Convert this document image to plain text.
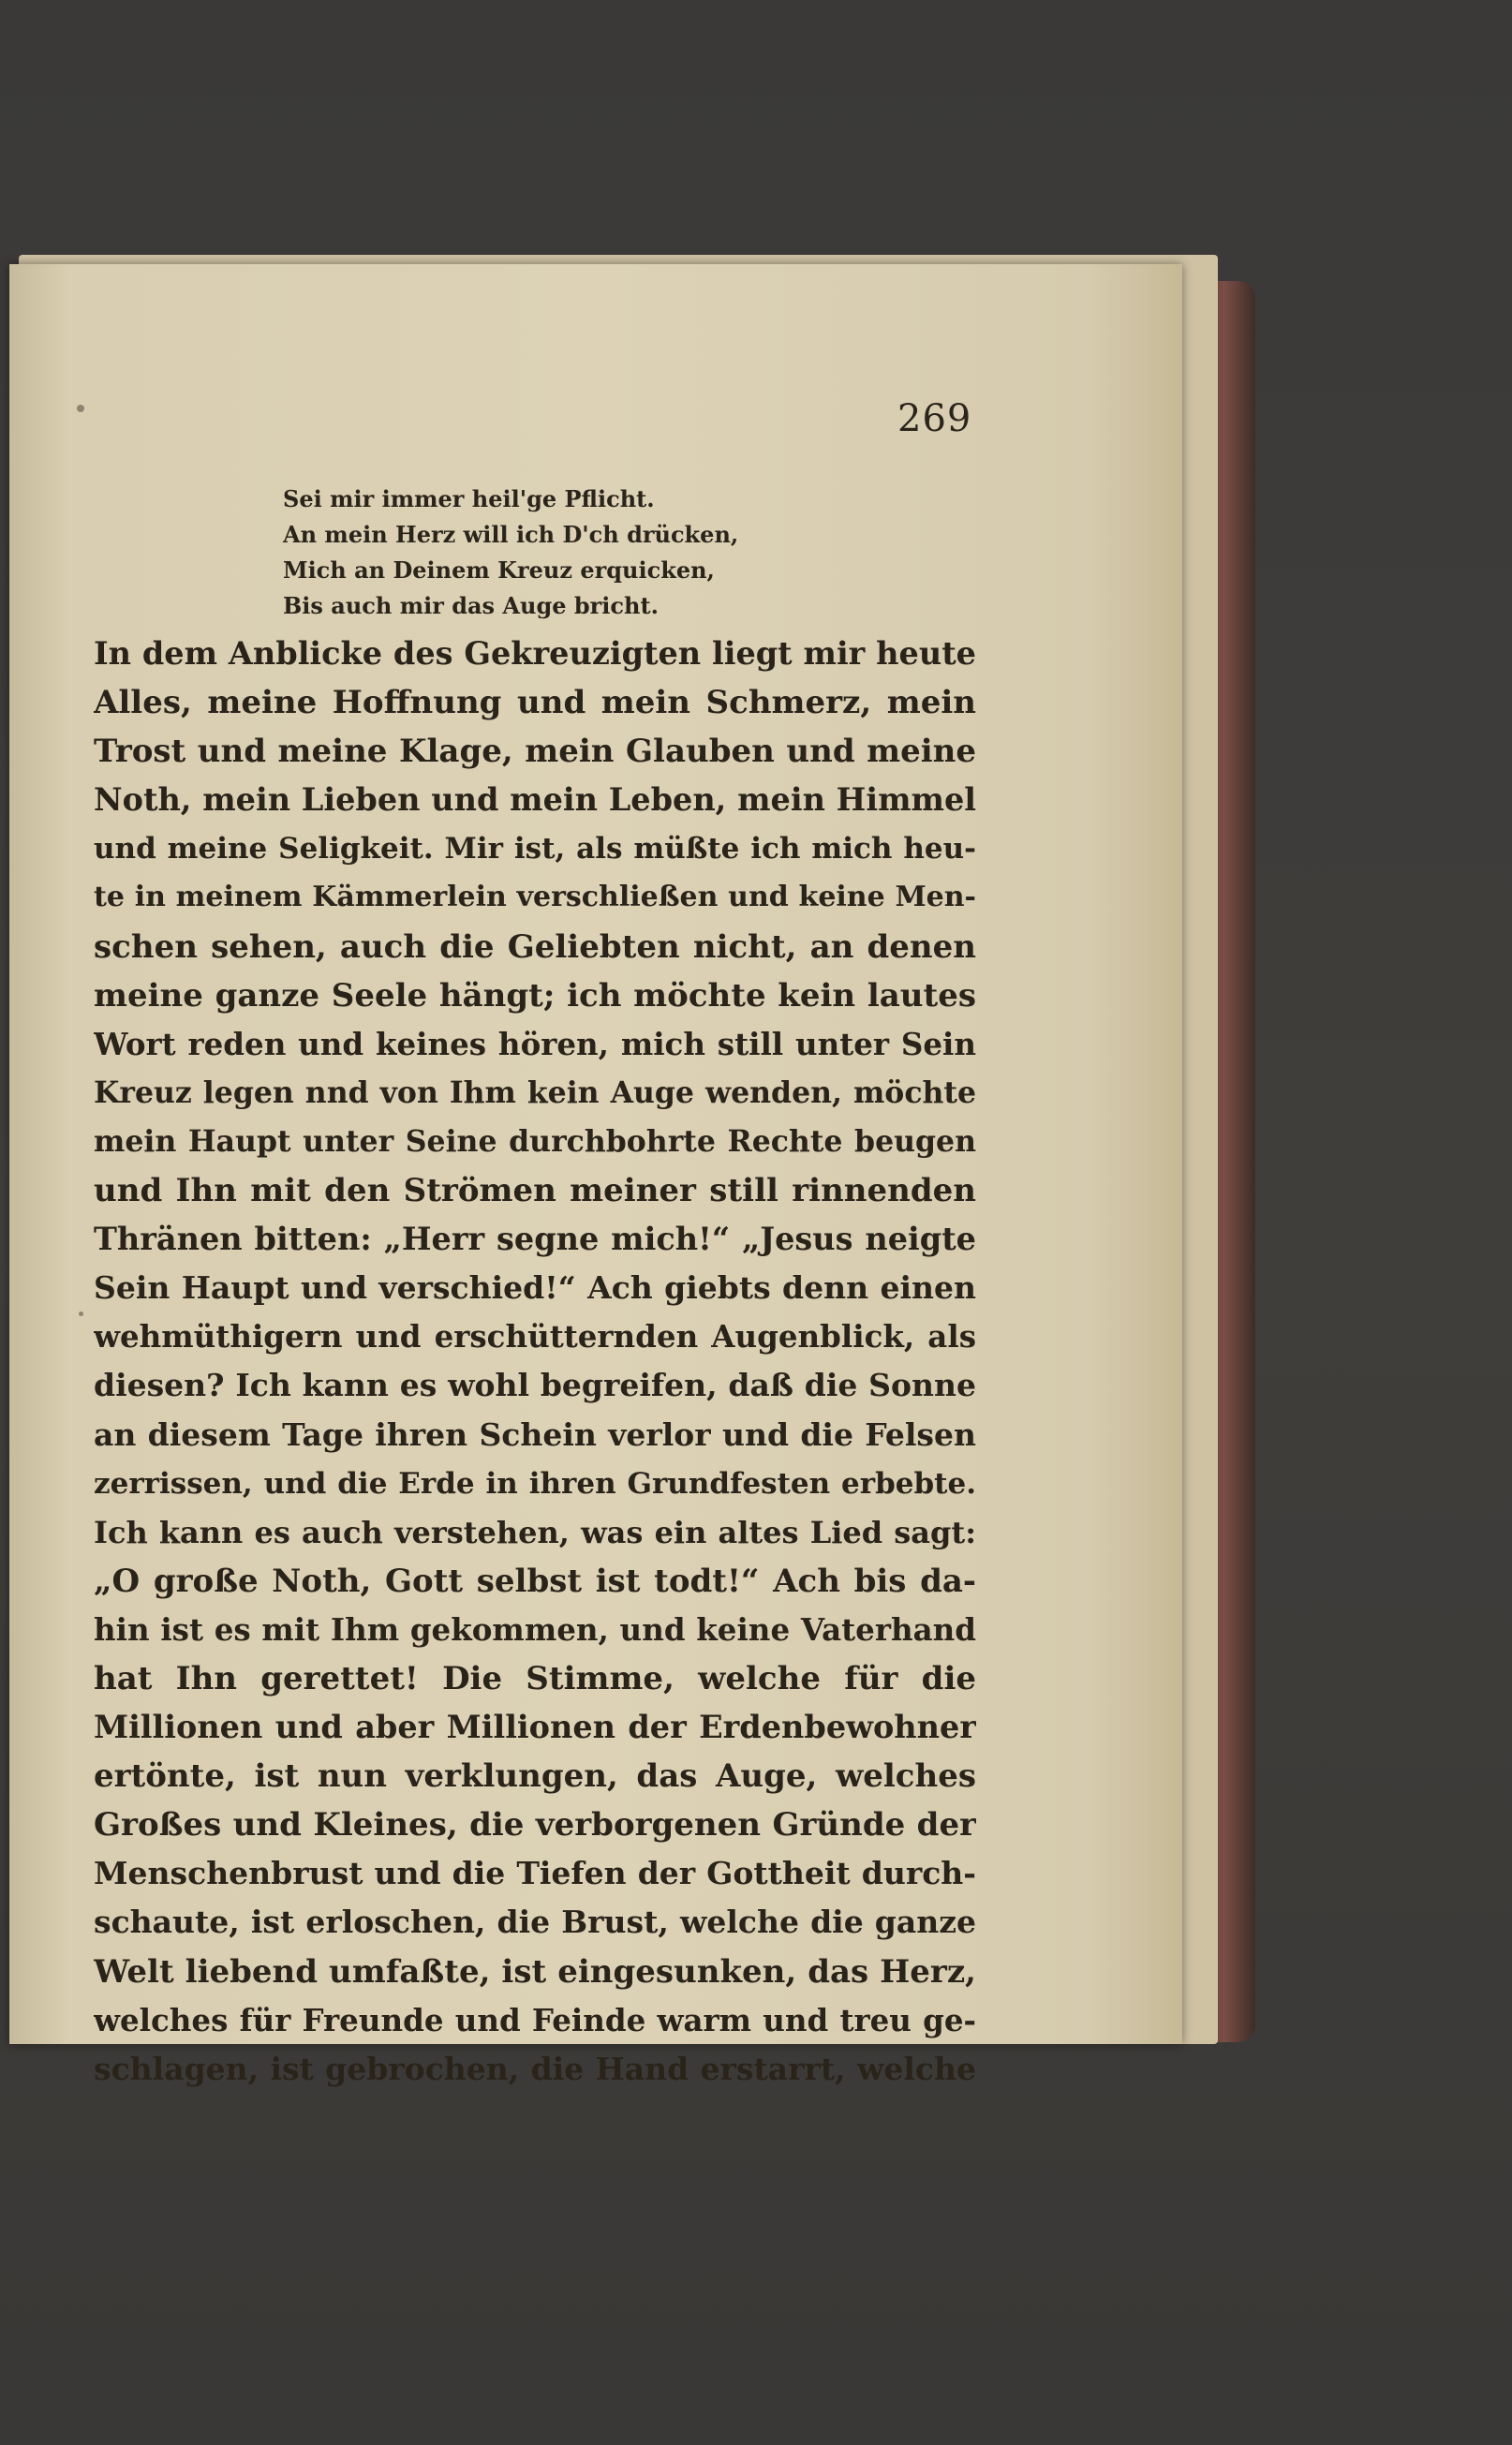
269
Sei mir immer heil'ge Pflicht.
An mein Herz will ich D'ch drücken,
Mich an Deinem Kreuz erquicken,
Bis auch mir das Auge bricht.
In dem Anblicke des Gekreuzigten liegt mir heute
Alles, meine Hoffnung und mein Schmerz, mein
Trost und meine Klage, mein Glauben und meine
Noth, mein Lieben und mein Leben, mein Himmel
und meine Seligkeit. Mir ist, als müßte ich mich heu-
te in meinem Kämmerlein verschließen und keine Men-
schen sehen, auch die Geliebten nicht, an denen
meine ganze Seele hängt; ich möchte kein lautes
Wort reden und keines hören, mich still unter Sein
Kreuz legen nnd von Ihm kein Auge wenden, möchte
mein Haupt unter Seine durchbohrte Rechte beugen
und Ihn mit den Strömen meiner still rinnenden
Thränen bitten: „Herr segne mich!“ „Jesus neigte
Sein Haupt und verschied!“ Ach giebts denn einen
wehmüthigern und erschütternden Augenblick, als
diesen? Ich kann es wohl begreifen, daß die Sonne
an diesem Tage ihren Schein verlor und die Felsen
zerrissen, und die Erde in ihren Grundfesten erbebte.
Ich kann es auch verstehen, was ein altes Lied sagt:
„O große Noth, Gott selbst ist todt!“ Ach bis da-
hin ist es mit Ihm gekommen, und keine Vaterhand
hat Ihn gerettet! Die Stimme, welche für die
Millionen und aber Millionen der Erdenbewohner
ertönte, ist nun verklungen, das Auge, welches
Großes und Kleines, die verborgenen Gründe der
Menschenbrust und die Tiefen der Gottheit durch-
schaute, ist erloschen, die Brust, welche die ganze
Welt liebend umfaßte, ist eingesunken, das Herz,
welches für Freunde und Feinde warm und treu ge-
schlagen, ist gebrochen, die Hand erstarrt, welche
